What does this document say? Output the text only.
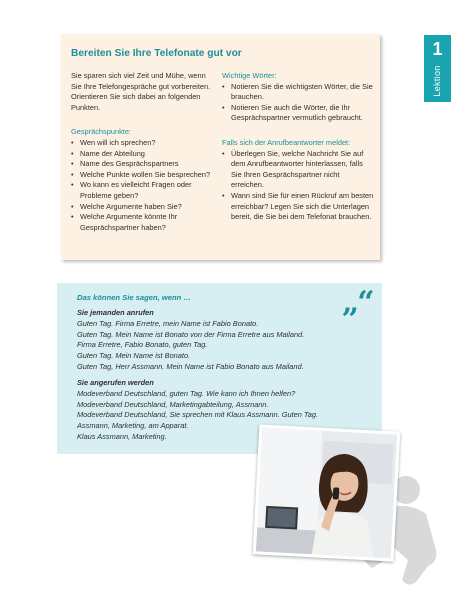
1
Lektion
Bereiten Sie Ihre Telefonate gut vor

Sie sparen sich viel Zeit und Mühe, wenn Sie Ihre Telefongespräche gut vorbereiten. Orientieren Sie sich dabei an folgenden Punkten.

Gesprächspunkte:

• Wen will ich sprechen?
• Name der Abteilung
• Name des Gesprächspartners
• Welche Punkte wollen Sie besprechen?
• Wo kann es vielleicht Fragen oder Probleme geben?
• Welche Argumente haben Sie?
• Welche Argumente könnte Ihr Gesprächspartner haben?

Wichtige Wörter:

• Notieren Sie die wichtigsten Wörter, die Sie brauchen.
• Notieren Sie auch die Wörter, die Ihr Gesprächspartner vermutlich gebraucht.

Falls sich der Anrufbeantworter meldet:

• Überlegen Sie, welche Nachricht Sie auf dem Anrufbeantworter hinterlassen, falls Sie Ihren Gesprächspartner nicht erreichen.
• Wann sind Sie für einen Rückruf am besten erreichbar? Legen Sie sich die Unterlagen bereit, die Sie bei dem Telefonat brauchen.
Das können Sie sagen, wenn …	„“
Sie jemanden anrufen
Guten Tag. Firma Erretre, mein Name ist Fabio Bonato.
Guten Tag. Mein Name ist Bonato von der Firma Erretre aus Mailand.
Firma Erretre, Fabio Bonato, guten Tag.
Guten Tag. Mein Name ist Bonato.
Guten Tag, Herr Assmann. Mein Name ist Fabio Bonato aus Mailand.
Sie angerufen werden
Modeverband Deutschland, guten Tag. Wie kann ich Ihnen helfen?
Modeverband Deutschland, Marketingabteilung, Assmann.
Modeverband Deutschland, Sie sprechen mit Klaus Assmann. Guten Tag.
Assmann, Marketing, am Apparat.
Klaus Assmann, Marketing.
